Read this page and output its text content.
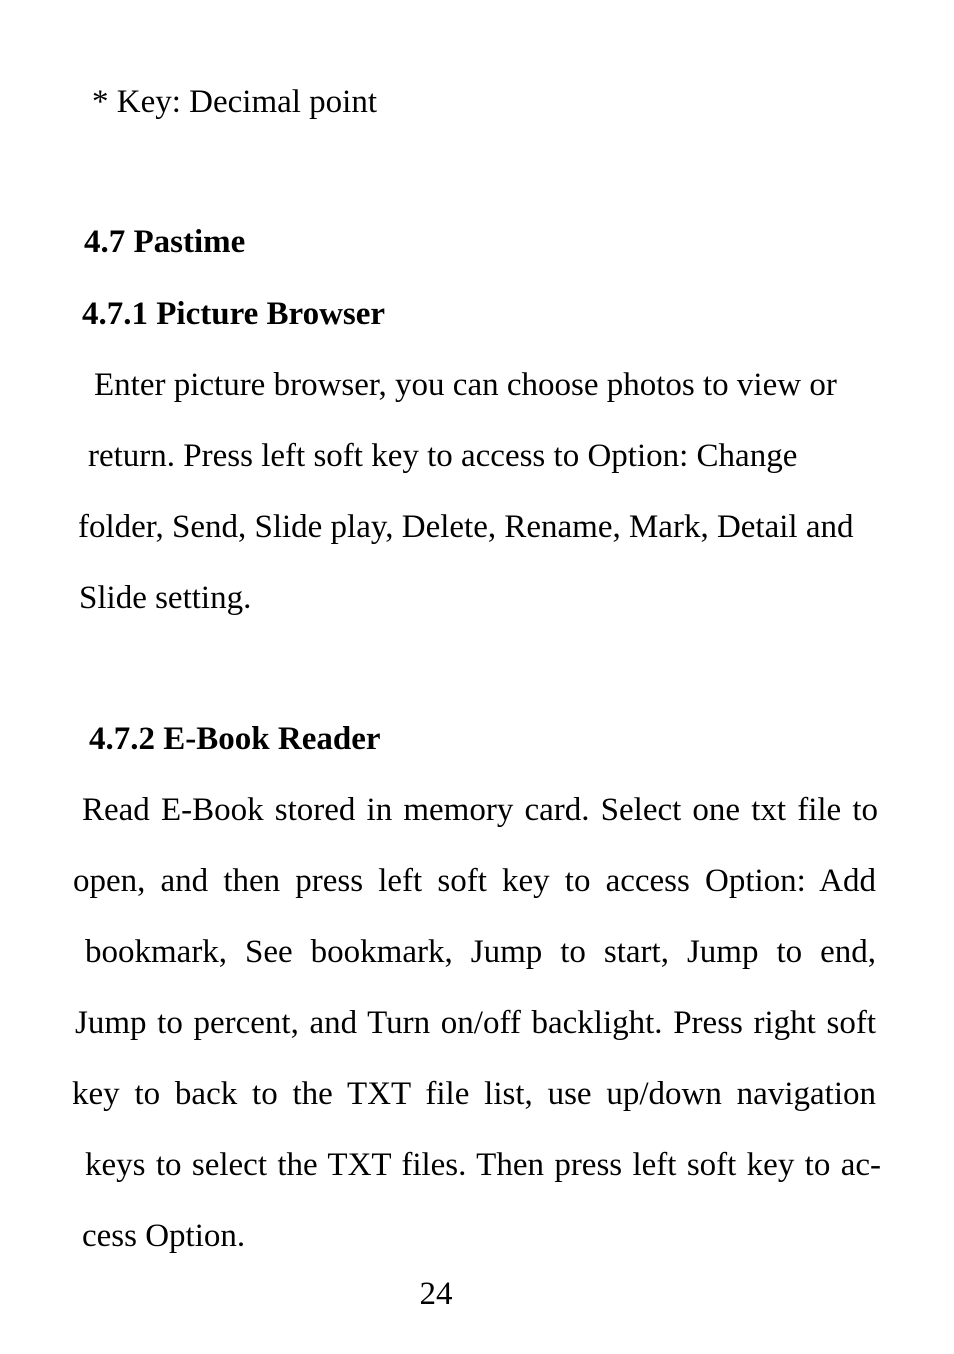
* Key: Decimal point
4.7 Pastime
4.7.1 Picture Browser
Enter picture browser, you can choose photos to view or
return. Press left soft key to access to Option: Change
folder, Send, Slide play, Delete, Rename, Mark, Detail and
Slide setting.
4.7.2 E-Book Reader
Read E-Book stored in memory card. Select one txt file to
open, and then press left soft key to access Option: Add
bookmark, See bookmark, Jump to start, Jump to end,
Jump to percent, and Turn on/off backlight. Press right soft
key to back to the TXT file list, use up/down navigation
keys to select the TXT files. Then press left soft key to ac-
cess Option.
24
